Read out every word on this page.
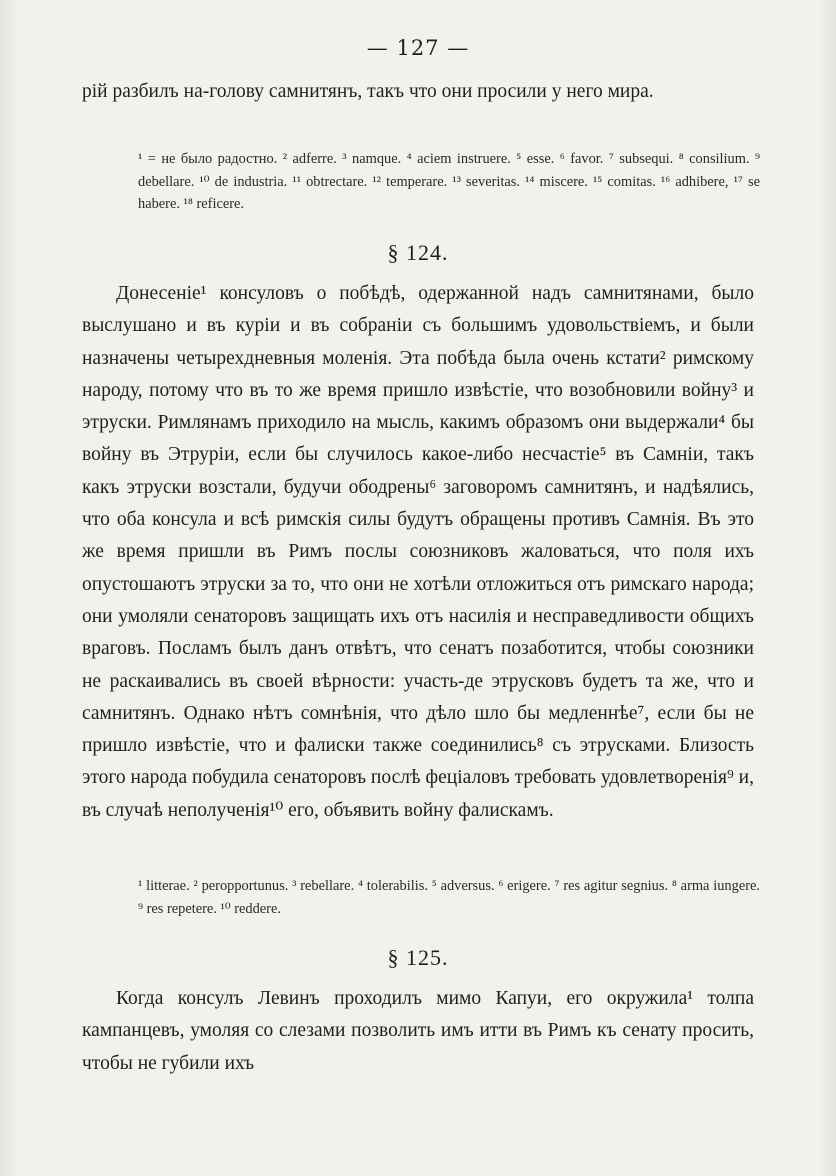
— 127 —
рій разбилъ на-голову самнитянъ, такъ что они просили у него мира.
¹ = не было радостно. ² adferre. ³ namque. ⁴ aciem instruere. ⁵ esse. ⁶ favor. ⁷ subsequi. ⁸ consilium. ⁹ debellare. ¹⁰ de industria. ¹¹ obtrectare. ¹² temperare. ¹³ severitas. ¹⁴ miscere. ¹⁵ comitas. ¹⁶ adhibere, ¹⁷ se habere. ¹⁸ reficere.
§ 124.
Донесеніе¹ консуловъ о побѣдѣ, одержанной надъ самнитянами, было выслушано и въ куріи и въ собраніи съ большимъ удовольствіемъ, и были назначены четырехдневныя моленія. Эта побѣда была очень кстати² римскому народу, потому что въ то же время пришло извѣстіе, что возобновили войну³ и этруски. Римлянамъ приходило на мысль, какимъ образомъ они выдержали⁴ бы войну въ Этруріи, если бы случилось какое-либо несчастіе⁵ въ Самніи, такъ какъ этруски возстали, будучи ободрены⁶ заговоромъ самнитянъ, и надѣялись, что оба консула и всѣ римскія силы будутъ обращены противъ Самнія. Въ это же время пришли въ Римъ послы союзниковъ жаловаться, что поля ихъ опустошаютъ этруски за то, что они не хотѣли отложиться отъ римскаго народа; они умоляли сенаторовъ защищать ихъ отъ насилія и несправедливости общихъ враговъ. Посламъ былъ данъ отвѣтъ, что сенатъ позаботится, чтобы союзники не раскаивались въ своей вѣрности: участь-де этрусковъ будетъ та же, что и самнитянъ. Однако нѣтъ сомнѣнія, что дѣло шло бы медленнѣе⁷, если бы не пришло извѣстіе, что и фалиски также соединились⁸ съ этрусками. Близость этого народа побудила сенаторовъ послѣ феціаловъ требовать удовлетворенія⁹ и, въ случаѣ неполученія¹⁰ его, объявить войну фалискамъ.
¹ litterae. ² peropportunus. ³ rebellare. ⁴ tolerabilis. ⁵ adversus. ⁶ erigere. ⁷ res agitur segnius. ⁸ arma iungere. ⁹ res repetere. ¹⁰ reddere.
§ 125.
Когда консулъ Левинъ проходилъ мимо Капуи, его окружила¹ толпа кампанцевъ, умоляя со слезами позволить имъ итти въ Римъ къ сенату просить, чтобы не губили ихъ
